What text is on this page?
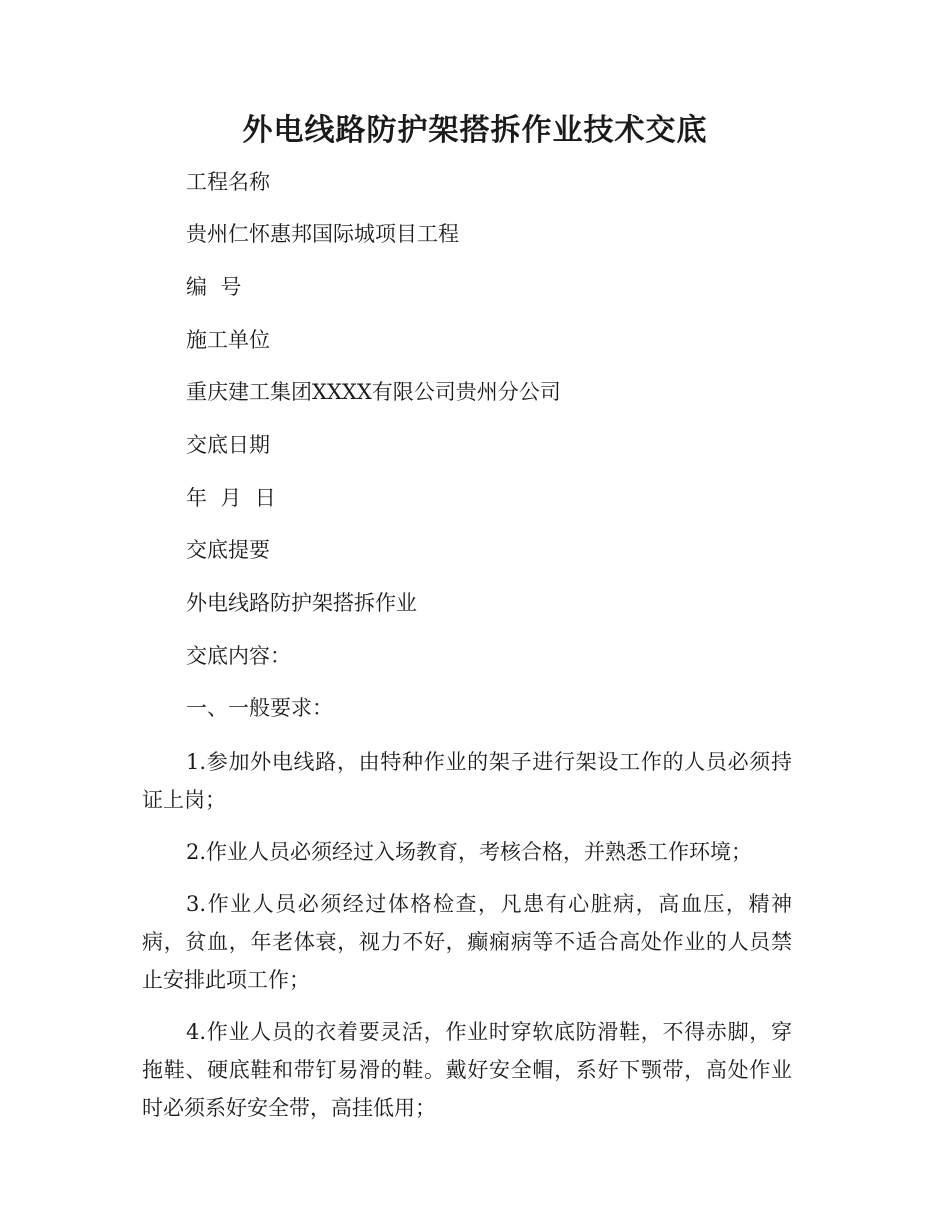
外电线路防护架搭拆作业技术交底

工程名称

贵州仁怀惠邦国际城项目工程

编  号

施工单位

重庆建工集团XXXX有限公司贵州分公司

交底日期

年  月  日

交底提要

外电线路防护架搭拆作业

交底内容：

一、一般要求：

1.参加外电线路，由特种作业的架子进行架设工作的人员必须持证上岗；

2.作业人员必须经过入场教育，考核合格，并熟悉工作环境；

3.作业人员必须经过体格检查，凡患有心脏病，高血压，精神病，贫血，年老体衰，视力不好，癫痫病等不适合高处作业的人员禁止安排此项工作；

4.作业人员的衣着要灵活，作业时穿软底防滑鞋，不得赤脚，穿拖鞋、硬底鞋和带钉易滑的鞋。戴好安全帽，系好下颚带，高处作业时必须系好安全带，高挂低用；
